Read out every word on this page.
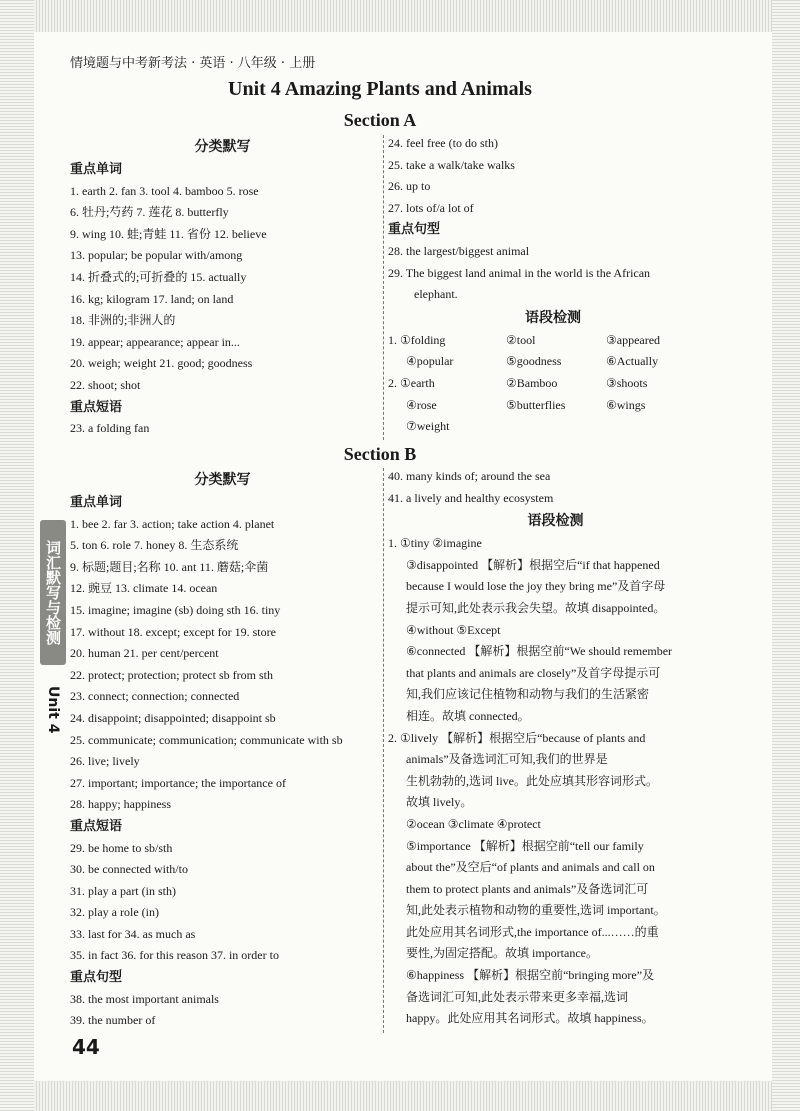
情境题与中考新考法 · 英语 · 八年级 · 上册
Unit 4 Amazing Plants and Animals
Section A
分类默写
重点单词
1. earth 2. fan 3. tool 4. bamboo 5. rose
6. 牡丹;芍药 7. 莲花 8. butterfly
9. wing 10. 蛙;青蛙 11. 省份 12. believe
13. popular; be popular with/among
14. 折叠式的;可折叠的 15. actually
16. kg; kilogram 17. land; on land
18. 非洲的;非洲人的
19. appear; appearance; appear in...
20. weigh; weight 21. good; goodness
22. shoot; shot
重点短语
23. a folding fan
24. feel free (to do sth)
25. take a walk/take walks
26. up to
27. lots of/a lot of
重点句型
28. the largest/biggest animal
29. The biggest land animal in the world is the African
elephant.
语段检测
1. ①folding	②tool	③appeared
④popular	⑤goodness	⑥Actually
2. ①earth	②Bamboo	③shoots
④rose	⑤butterflies	⑥wings
⑦weight
Section B
分类默写
重点单词
1. bee 2. far 3. action; take action 4. planet
5. ton 6. role 7. honey 8. 生态系统
9. 标题;题目;名称 10. ant 11. 蘑菇;伞菌
12. 豌豆 13. climate 14. ocean
15. imagine; imagine (sb) doing sth 16. tiny
17. without 18. except; except for 19. store
20. human 21. per cent/percent
22. protect; protection; protect sb from sth
23. connect; connection; connected
24. disappoint; disappointed; disappoint sb
25. communicate; communication; communicate with sb
26. live; lively
27. important; importance; the importance of
28. happy; happiness
重点短语
29. be home to sb/sth
30. be connected with/to
31. play a part (in sth)
32. play a role (in)
33. last for 34. as much as
35. in fact 36. for this reason 37. in order to
重点句型
38. the most important animals
39. the number of
40. many kinds of; around the sea
41. a lively and healthy ecosystem
语段检测
1. ①tiny ②imagine
③disappointed 【解析】根据空后“if that happened
because I would lose the joy they bring me”及首字母
提示可知,此处表示我会失望。故填 disappointed。
④without ⑤Except
⑥connected 【解析】根据空前“We should remember
that plants and animals are closely”及首字母提示可
知,我们应该记住植物和动物与我们的生活紧密
相连。故填 connected。
2. ①lively 【解析】根据空后“because of plants and
animals”及备选词汇可知,我们的世界是
生机勃勃的,选词 live。此处应填其形容词形式。
故填 lively。
②ocean ③climate ④protect
⑤importance 【解析】根据空前“tell our family
about the”及空后“of plants and animals and call on
them to protect plants and animals”及备选词汇可
知,此处表示植物和动物的重要性,选词 important。
此处应用其名词形式,the importance of...……的重
要性,为固定搭配。故填 importance。
⑥happiness 【解析】根据空前“bringing more”及
备选词汇可知,此处表示带来更多幸福,选词
happy。此处应用其名词形式。故填 happiness。
词汇默写与检测
Unit 4
44
